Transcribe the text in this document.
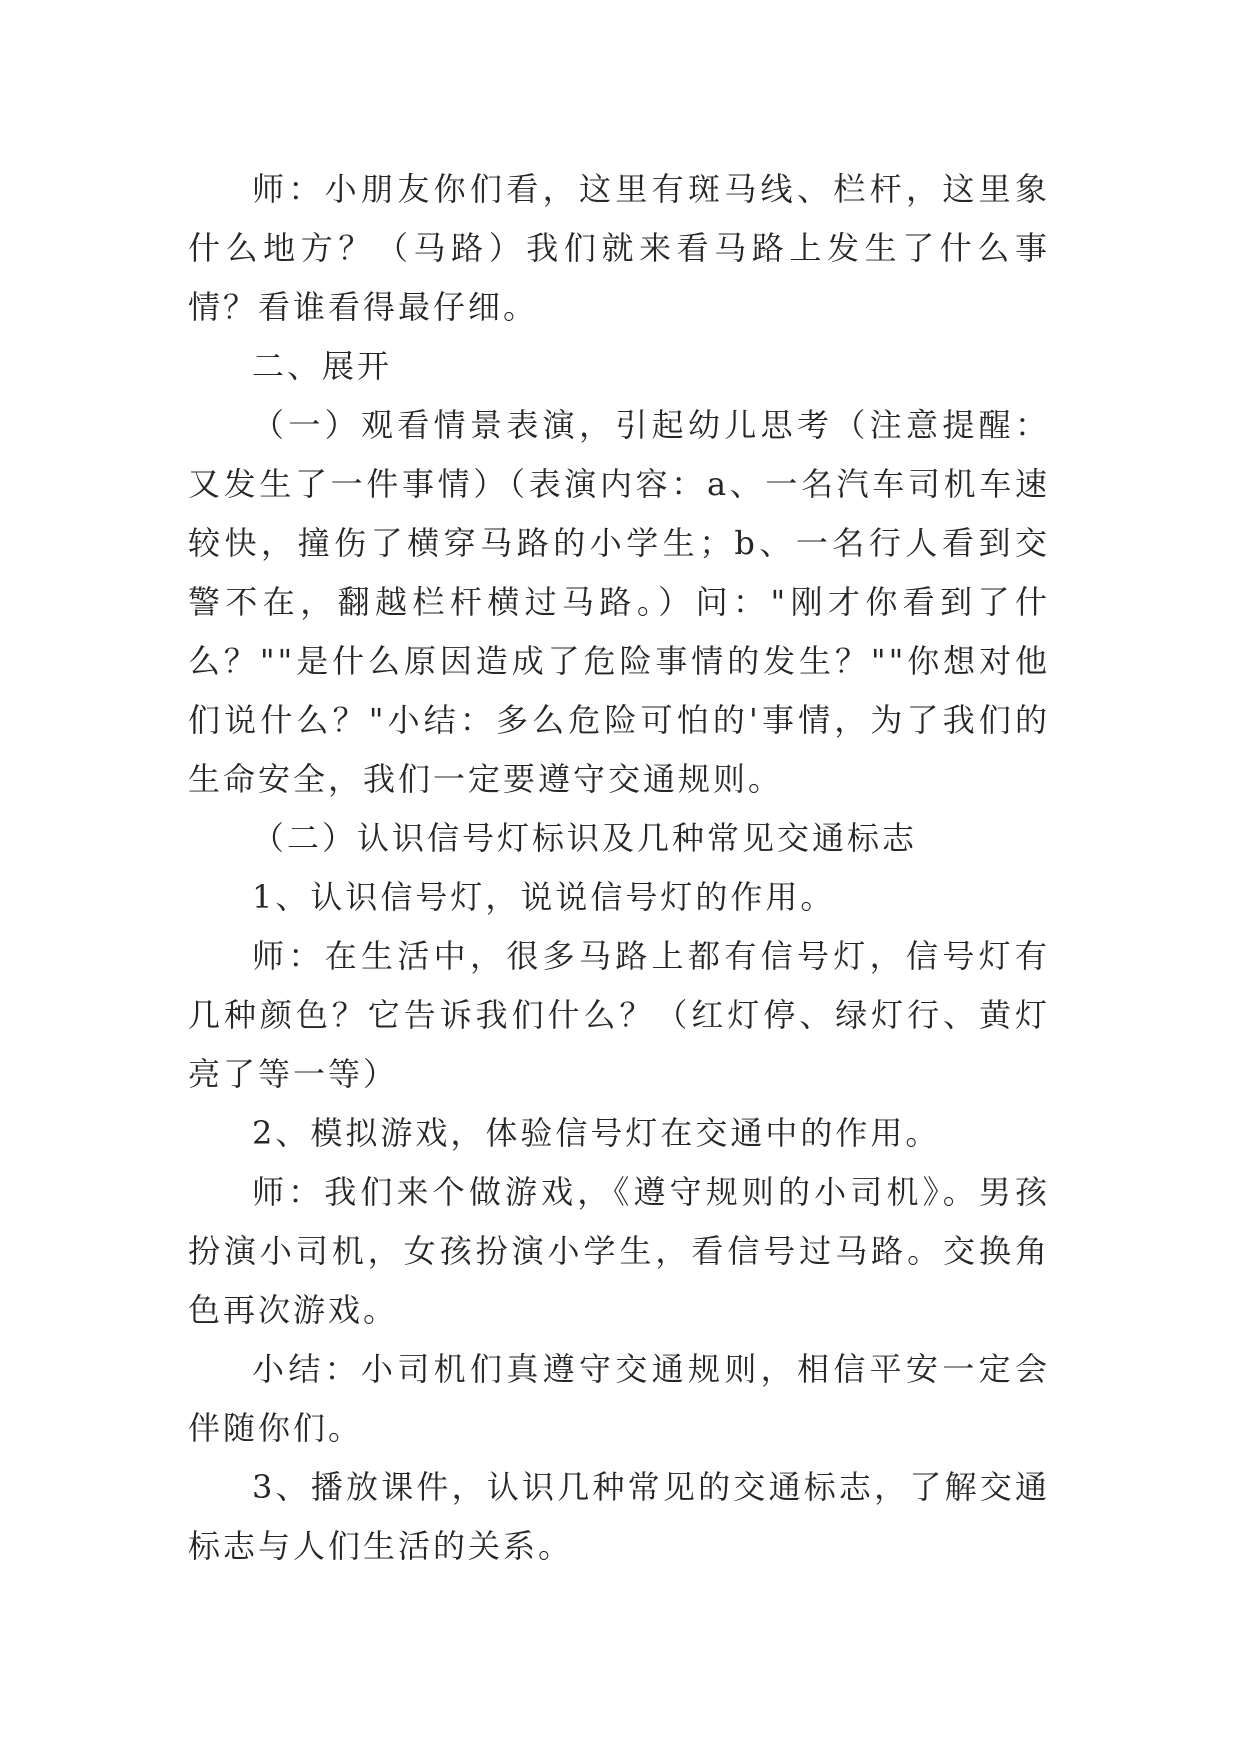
师：小朋友你们看，这里有斑马线、栏杆，这里象什么地方？（马路）我们就来看马路上发生了什么事情？看谁看得最仔细。

二、展开

（一）观看情景表演，引起幼儿思考（注意提醒：又发生了一件事情）（表演内容：a、一名汽车司机车速较快，撞伤了横穿马路的小学生；b、一名行人看到交警不在，翻越栏杆横过马路。）问："刚才你看到了什么？""是什么原因造成了危险事情的发生？""你想对他们说什么？"小结：多么危险可怕的'事情，为了我们的生命安全，我们一定要遵守交通规则。

（二）认识信号灯标识及几种常见交通标志

1、认识信号灯，说说信号灯的作用。

师：在生活中，很多马路上都有信号灯，信号灯有几种颜色？它告诉我们什么？（红灯停、绿灯行、黄灯亮了等一等）

2、模拟游戏，体验信号灯在交通中的作用。

师：我们来个做游戏，《遵守规则的小司机》。男孩扮演小司机，女孩扮演小学生，看信号过马路。交换角色再次游戏。

小结：小司机们真遵守交通规则，相信平安一定会伴随你们。

3、播放课件，认识几种常见的交通标志，了解交通标志与人们生活的关系。
